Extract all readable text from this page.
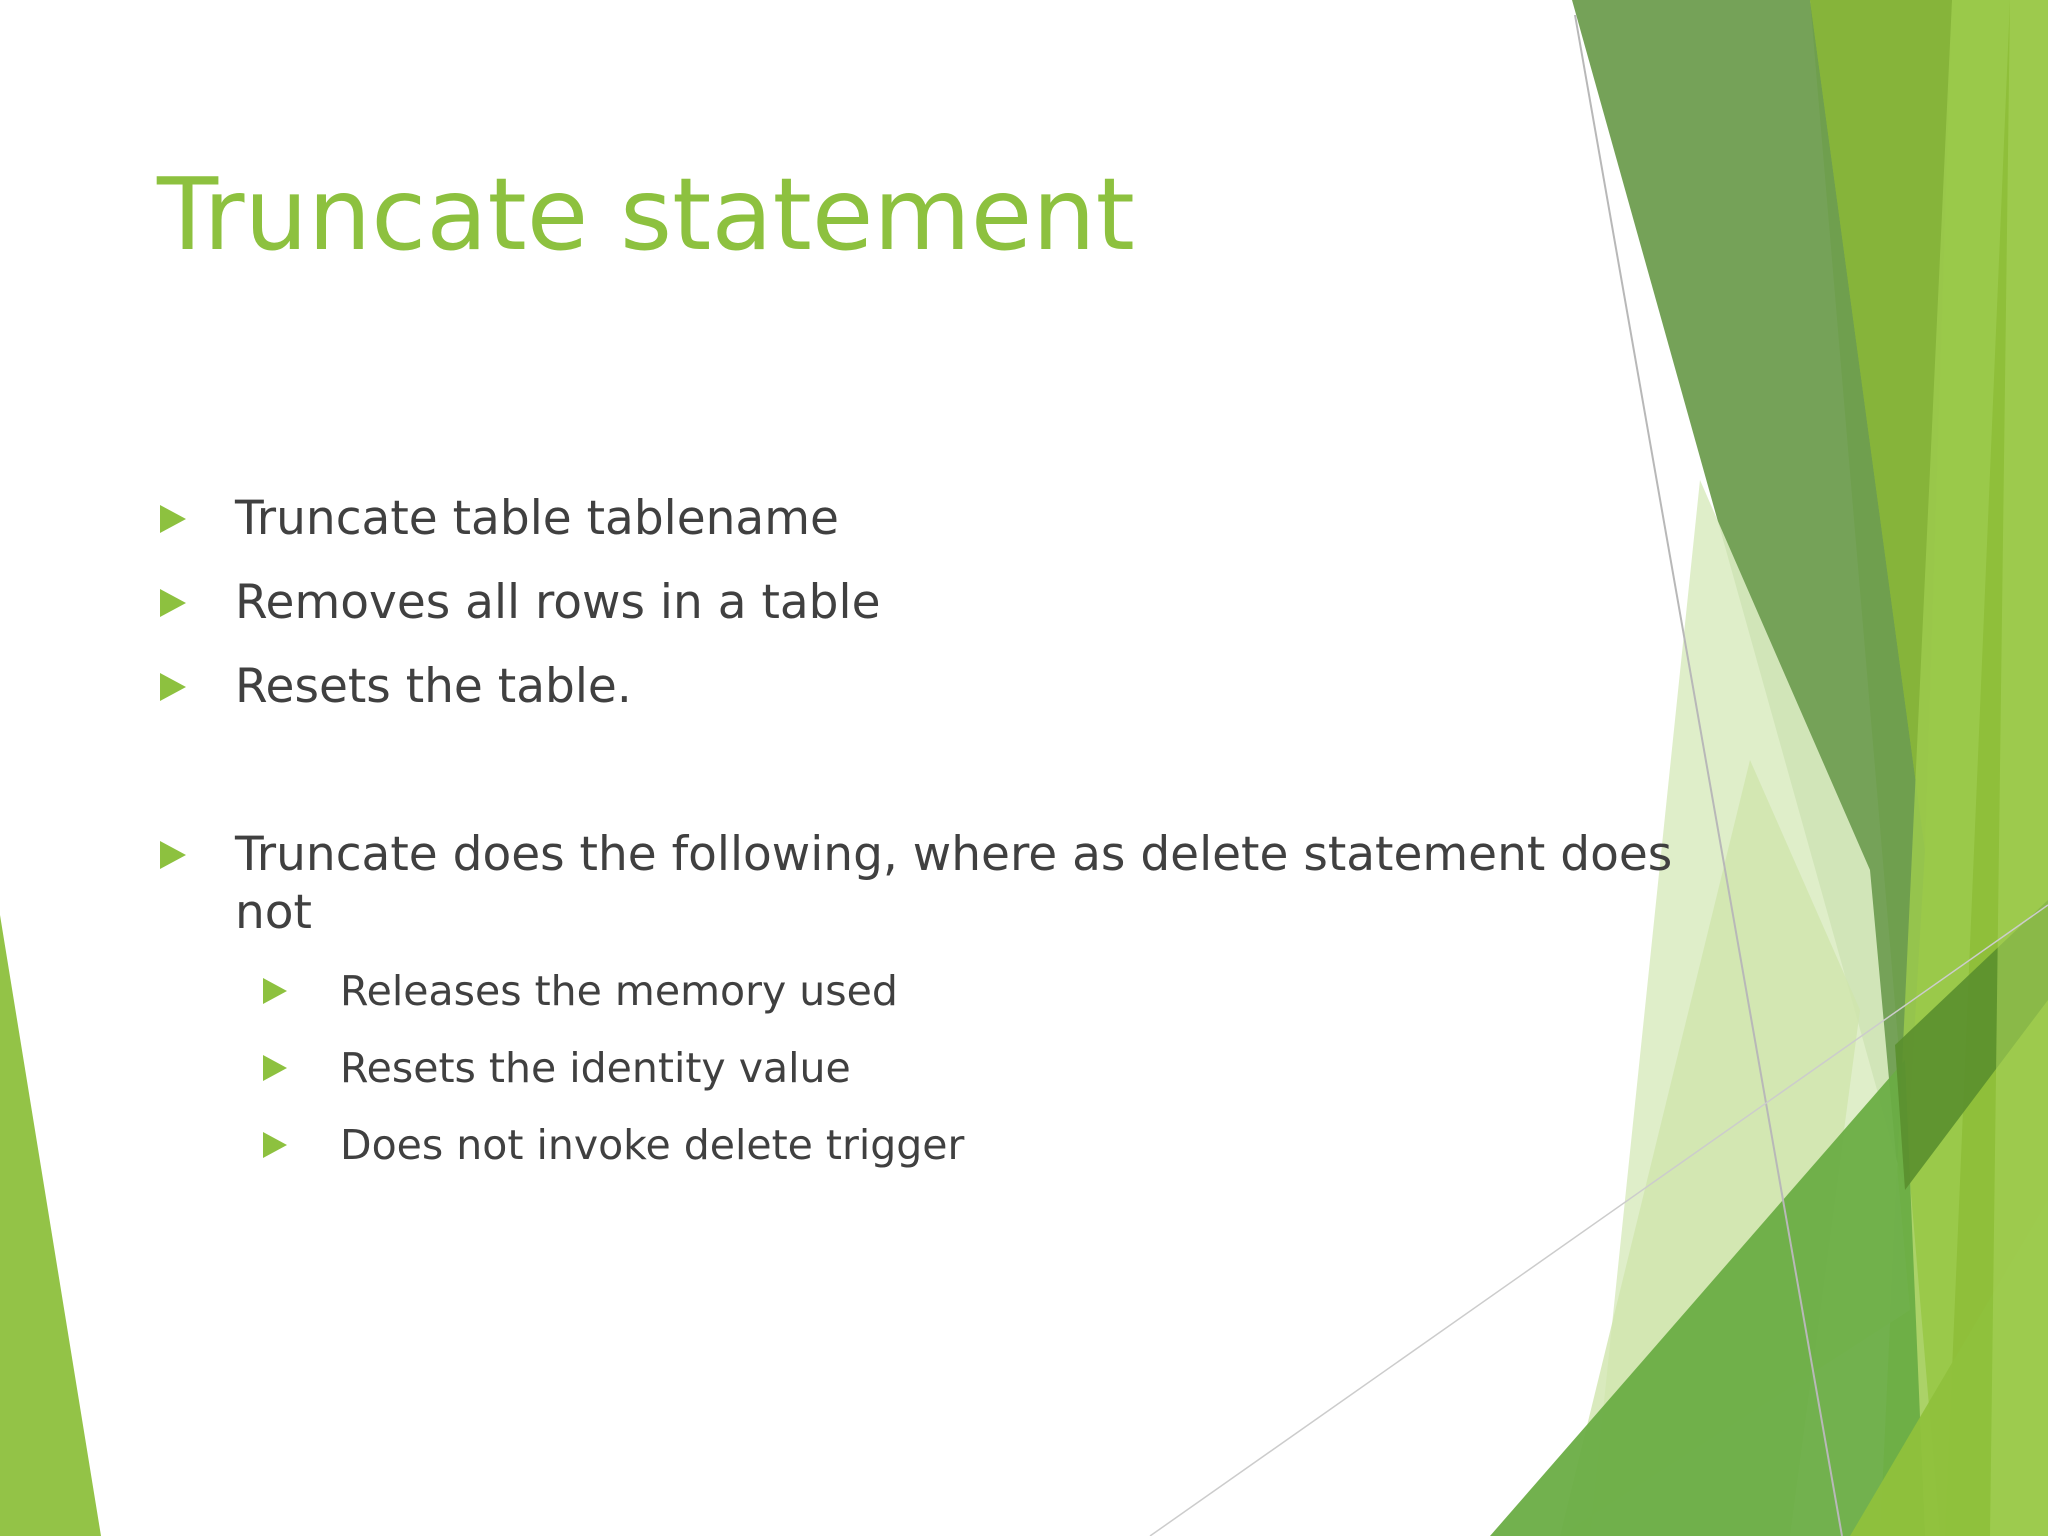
Truncate statement
Truncate table tablename
Removes all rows in a table
Resets the table.
Truncate does the following, where as delete statement does not
Releases the memory used
Resets the identity value
Does not invoke delete trigger
